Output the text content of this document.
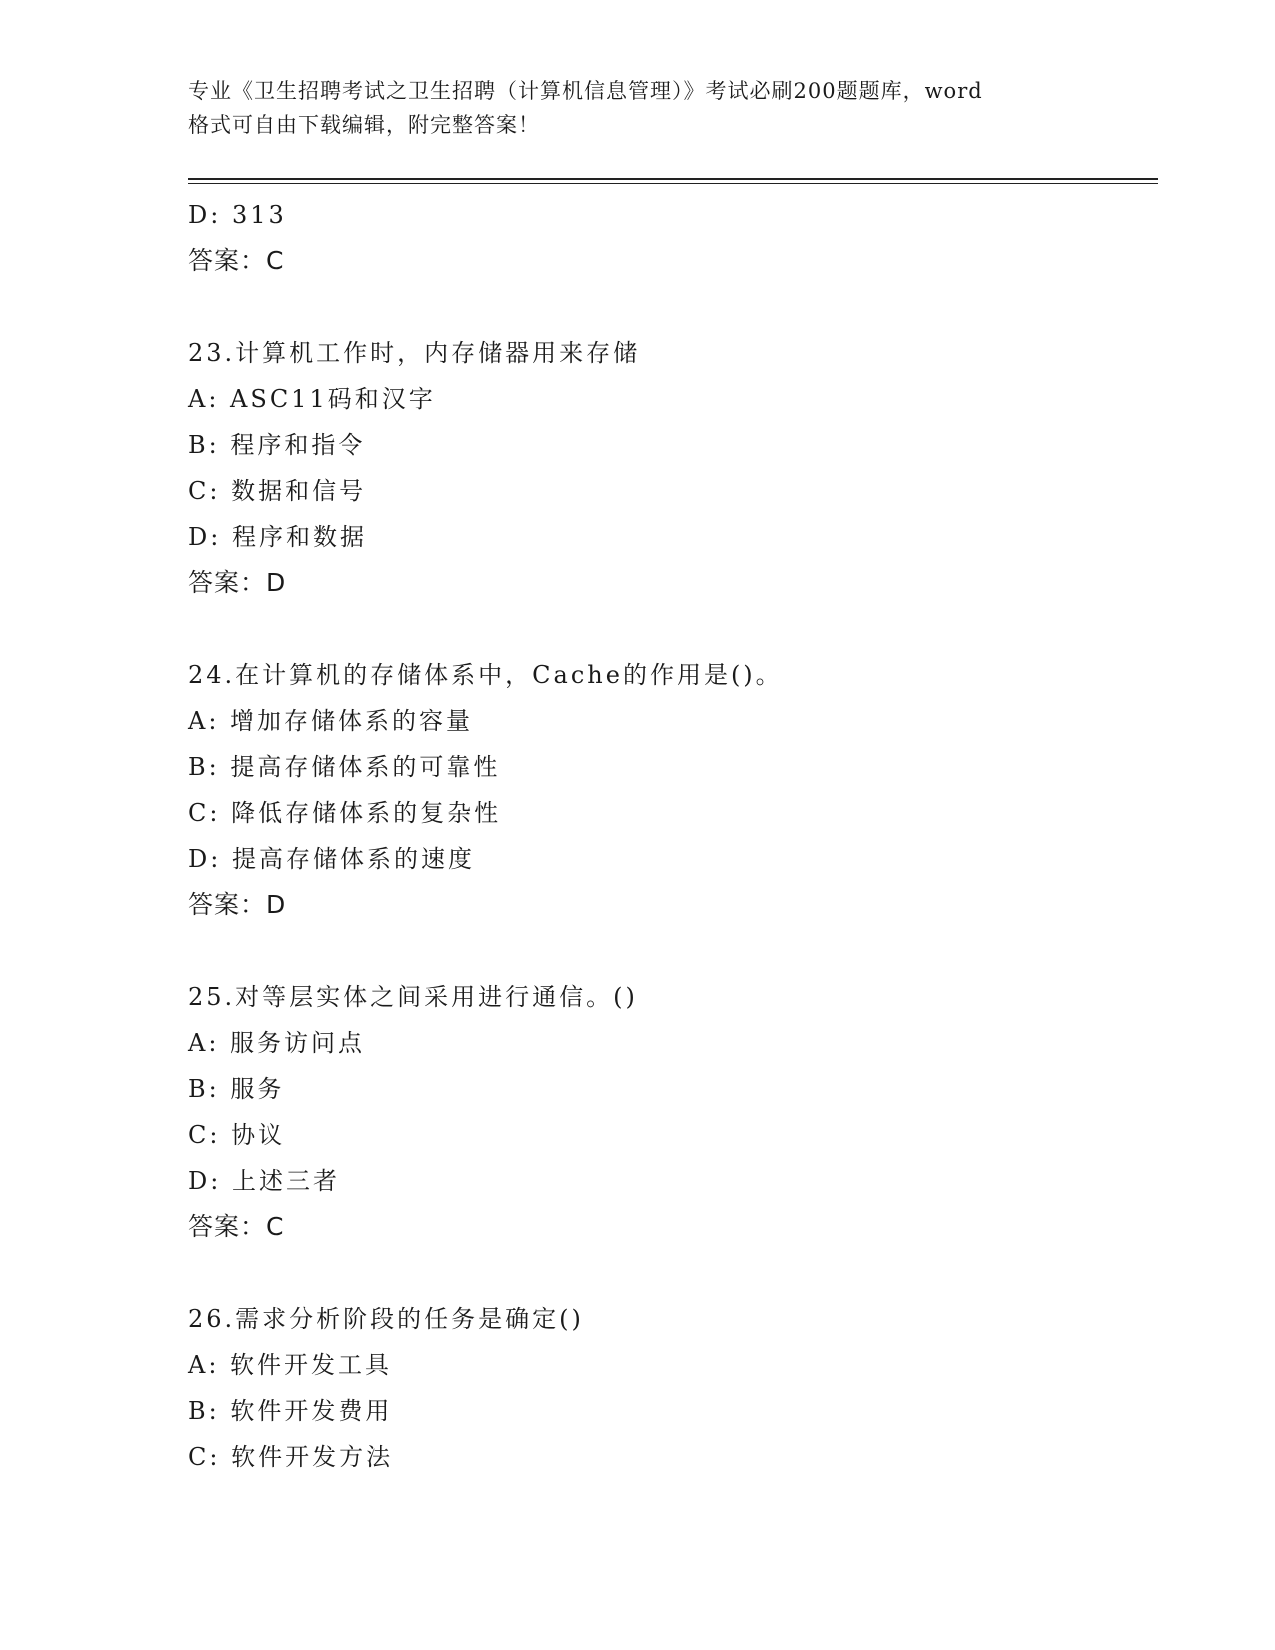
专业《卫生招聘考试之卫生招聘（计算机信息管理）》考试必刷200题题库，word
格式可自由下载编辑，附完整答案！
D: 313
答案：C
23.计算机工作时，内存储器用来存储
A: ASC11码和汉字
B: 程序和指令
C: 数据和信号
D: 程序和数据
答案：D
24.在计算机的存储体系中，Cache的作用是()。
A: 增加存储体系的容量
B: 提高存储体系的可靠性
C: 降低存储体系的复杂性
D: 提高存储体系的速度
答案：D
25.对等层实体之间采用进行通信。()
A: 服务访问点
B: 服务
C: 协议
D: 上述三者
答案：C
26.需求分析阶段的任务是确定()
A: 软件开发工具
B: 软件开发费用
C: 软件开发方法
